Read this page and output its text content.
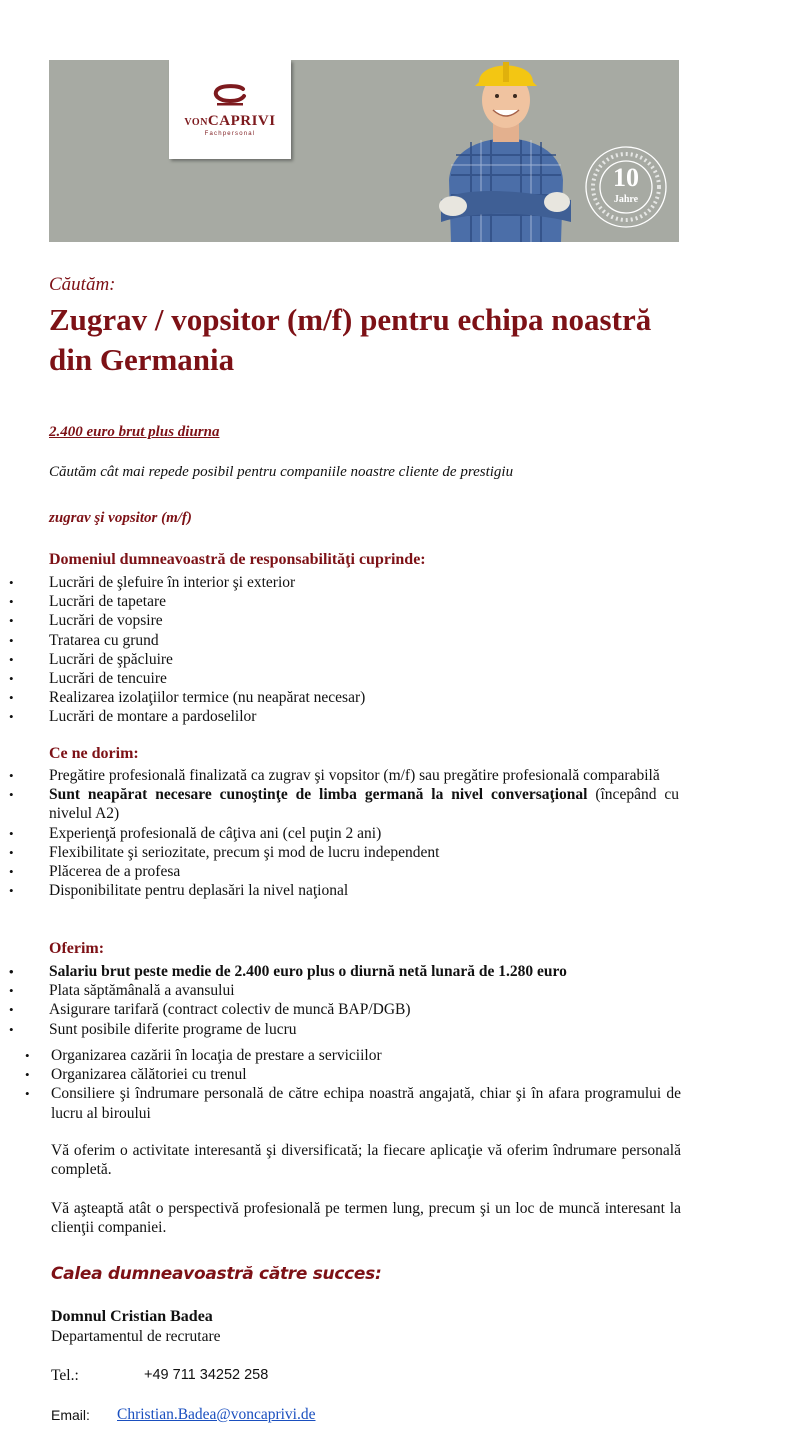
VONCAPRIVI
Fachpersonal
10
Jahre

Căutăm:

Zugrav / vopsitor (m/f) pentru echipa noastră din Germania

2.400 euro brut plus diurna

Căutăm cât mai repede posibil pentru companiile noastre cliente de prestigiu

zugrav şi vopsitor (m/f)

Domeniul dumneavoastră de responsabilităţi cuprinde:

• Lucrări de şlefuire în interior şi exterior
• Lucrări de tapetare
• Lucrări de vopsire
• Tratarea cu grund
• Lucrări de şpăcluire
• Lucrări de tencuire
• Realizarea izolaţiilor termice (nu neapărat necesar)
• Lucrări de montare a pardoselilor

Ce ne dorim:

• Pregătire profesională finalizată ca zugrav şi vopsitor (m/f) sau pregătire profesională comparabilă
• Sunt neapărat necesare cunoştinţe de limba germană la nivel conversaţional (începând cu nivelul A2)
• Experienţă profesională de câţiva ani (cel puţin 2 ani)
• Flexibilitate şi seriozitate, precum şi mod de lucru independent
• Plăcerea de a profesa
• Disponibilitate pentru deplasări la nivel naţional

Oferim:

• Salariu brut peste medie de 2.400 euro plus o diurnă netă lunară de 1.280 euro
• Plata săptămânală a avansului
• Asigurare tarifară (contract colectiv de muncă BAP/DGB)
• Sunt posibile diferite programe de lucru
• Organizarea cazării în locaţia de prestare a serviciilor
• Organizarea călătoriei cu trenul
• Consiliere şi îndrumare personală de către echipa noastră angajată, chiar şi în afara programului de lucru al biroului

Vă oferim o activitate interesantă şi diversificată; la fiecare aplicaţie vă oferim îndrumare personală completă.

Vă aşteaptă atât o perspectivă profesională pe termen lung, precum şi un loc de muncă interesant la clienţii companiei.

Calea dumneavoastră către succes:
Domnul Cristian Badea
Departamentul de recrutare
Tel.:	+49 711 34252 258
Email: Christian.Badea@voncaprivi.de
